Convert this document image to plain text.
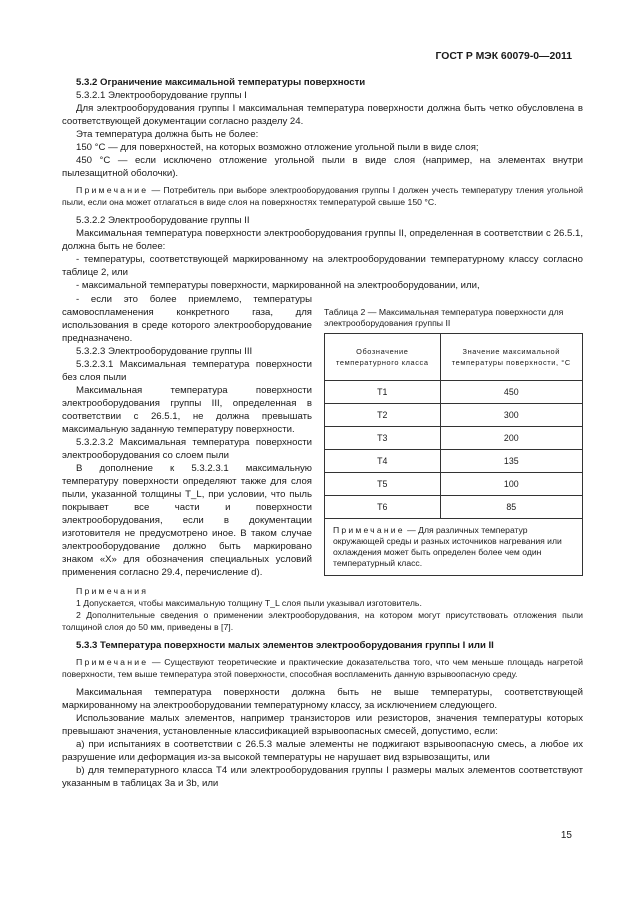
ГОСТ Р МЭК 60079-0—2011

5.3.2 Ограничение максимальной температуры поверхности

5.3.2.1 Электрооборудование группы I

Для электрооборудования группы I максимальная температура поверхности должна быть четко обусловлена в соответствующей документации согласно разделу 24.

Эта температура должна быть не более:

150 °С — для поверхностей, на которых возможно отложение угольной пыли в виде слоя;

450 °С — если исключено отложение угольной пыли в виде слоя (например, на элементах внутри пылезащитной оболочки).

Примечание — Потребитель при выборе электрооборудования группы I должен учесть температуру тления угольной пыли, если она может отлагаться в виде слоя на поверхностях температурой свыше 150 °С.

5.3.2.2 Электрооборудование группы II

Максимальная температура поверхности электрооборудования группы II, определенная в соответствии с 26.5.1, должна быть не более:

- температуры, соответствующей маркированному на электрооборудовании температурному классу согласно таблице 2, или

- максимальной температуры поверхности, маркированной на электрооборудовании, или,

- если это более приемлемо, температуры самовоспламенения конкретного газа, для использования в среде которого электрооборудование предназначено.

5.3.2.3 Электрооборудование группы III

5.3.2.3.1 Максимальная температура поверхности без слоя пыли

Максимальная температура поверхности электрооборудования группы III, определенная в соответствии с 26.5.1, не должна превышать максимальную заданную температуру поверхности.

5.3.2.3.2 Максимальная температура поверхности электрооборудования со слоем пыли

В дополнение к 5.3.2.3.1 максимальную температуру поверхности определяют также для слоя пыли, указанной толщины T_L, при условии, что пыль покрывает все части и поверхности электрооборудования, если в документации изготовителя не предусмотрено иное. В таком случае электрооборудование должно быть маркировано знаком «X» для обозначения специальных условий применения согласно 29.4, перечисление d).

Таблица 2 — Максимальная температура поверхности для электрооборудования группы II
Обозначение температурного класса	Значение максимальной температуры поверхности, °С
T1	450
T2	300
T3	200
T4	135
T5	100
T6	85
Примечание — Для различных температур окружающей среды и разных источников нагревания или охлаждения может быть определен более чем один температурный класс.	

Примечания

1 Допускается, чтобы максимальную толщину T_L слоя пыли указывал изготовитель.

2 Дополнительные сведения о применении электрооборудования, на котором могут присутствовать отложения пыли толщиной слоя до 50 мм, приведены в [7].

5.3.3 Температура поверхности малых элементов электрооборудования группы I или II

Примечание — Существуют теоретические и практические доказательства того, что чем меньше площадь нагретой поверхности, тем выше температура этой поверхности, способная воспламенить данную взрывоопасную среду.

Максимальная температура поверхности должна быть не выше температуры, соответствующей маркированному на электрооборудовании температурному классу, за исключением следующего.

Использование малых элементов, например транзисторов или резисторов, значения температуры которых превышают значения, установленные классификацией взрывоопасных смесей, допустимо, если:

a) при испытаниях в соответствии с 26.5.3 малые элементы не поджигают взрывоопасную смесь, а любое их разрушение или деформация из-за высокой температуры не нарушает вид взрывозащиты, или

b) для температурного класса T4 или электрооборудования группы I размеры малых элементов соответствуют указанным в таблицах 3а и 3b, или

15
